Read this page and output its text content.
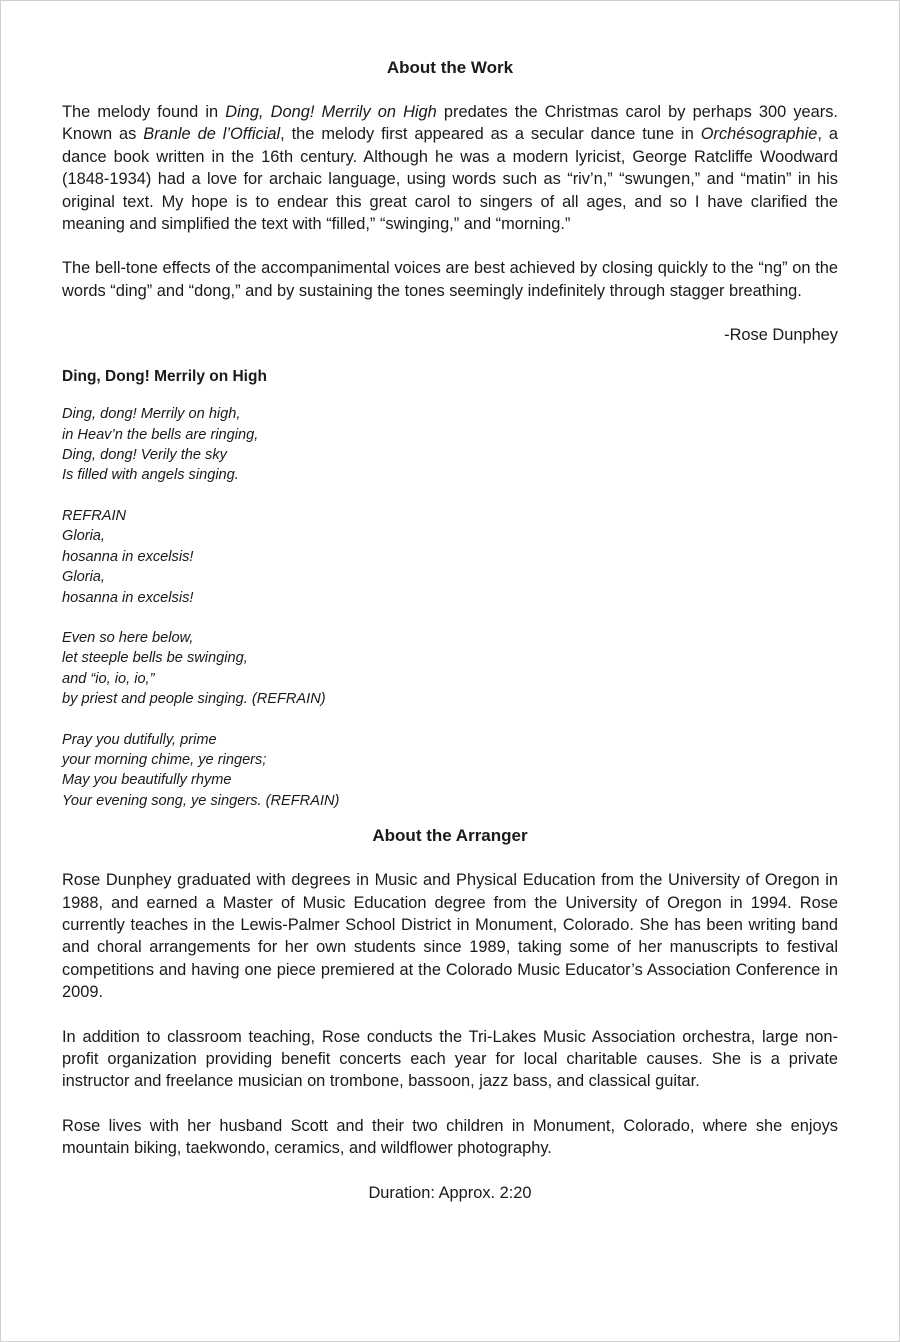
About the Work

The melody found in Ding, Dong! Merrily on High predates the Christmas carol by perhaps 300 years. Known as Branle de l’Official, the melody first appeared as a secular dance tune in Orchésographie, a dance book written in the 16th century. Although he was a modern lyricist, George Ratcliffe Woodward (1848-1934) had a love for archaic language, using words such as “riv’n,” “swungen,” and “matin” in his original text. My hope is to endear this great carol to singers of all ages, and so I have clarified the meaning and simplified the text with “filled,” “swinging,” and “morning.”

The bell-tone effects of the accompanimental voices are best achieved by closing quickly to the “ng” on the words “ding” and “dong,” and by sustaining the tones seemingly indefinitely through stagger breathing.

-Rose Dunphey

Ding, Dong! Merrily on High

Ding, dong! Merrily on high,
in Heav’n the bells are ringing,
Ding, dong! Verily the sky
Is filled with angels singing.
REFRAIN
Gloria,
hosanna in excelsis!
Gloria,
hosanna in excelsis!
Even so here below,
let steeple bells be swinging,
and “io, io, io,”
by priest and people singing. (REFRAIN)
Pray you dutifully, prime
your morning chime, ye ringers;
May you beautifully rhyme
Your evening song, ye singers. (REFRAIN)
About the Arranger

Rose Dunphey graduated with degrees in Music and Physical Education from the University of Oregon in 1988, and earned a Master of Music Education degree from the University of Oregon in 1994. Rose currently teaches in the Lewis-Palmer School District in Monument, Colorado. She has been writing band and choral arrangements for her own students since 1989, taking some of her manuscripts to festival competitions and having one piece premiered at the Colorado Music Educator’s Association Conference in 2009.

In addition to classroom teaching, Rose conducts the Tri-Lakes Music Association orchestra, large non-profit organization providing benefit concerts each year for local charitable causes. She is a private instructor and freelance musician on trombone, bassoon, jazz bass, and classical guitar.

Rose lives with her husband Scott and their two children in Monument, Colorado, where she enjoys mountain biking, taekwondo, ceramics, and wildflower photography.

Duration: Approx. 2:20
